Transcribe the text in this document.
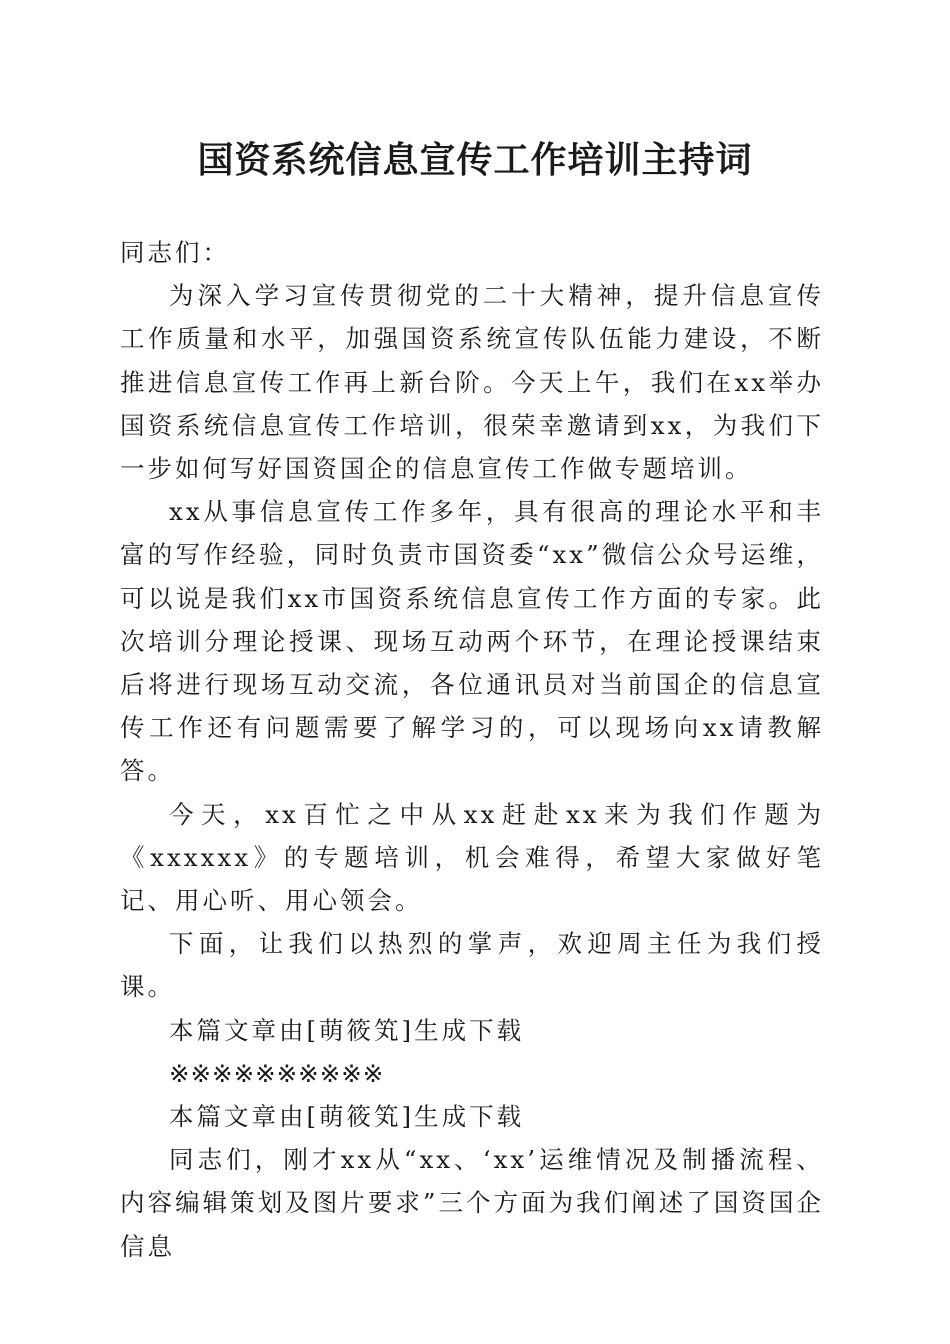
国资系统信息宣传工作培训主持词

同志们：

为深入学习宣传贯彻党的二十大精神，提升信息宣传工作质量和水平，加强国资系统宣传队伍能力建设，不断推进信息宣传工作再上新台阶。今天上午，我们在xx举办国资系统信息宣传工作培训，很荣幸邀请到xx，为我们下一步如何写好国资国企的信息宣传工作做专题培训。

xx从事信息宣传工作多年，具有很高的理论水平和丰富的写作经验，同时负责市国资委“xx”微信公众号运维，可以说是我们xx市国资系统信息宣传工作方面的专家。此次培训分理论授课、现场互动两个环节，在理论授课结束后将进行现场互动交流，各位通讯员对当前国企的信息宣传工作还有问题需要了解学习的，可以现场向xx请教解答。

今天，xx百忙之中从xx赶赴xx来为我们作题为《xxxxxx》的专题培训，机会难得，希望大家做好笔记、用心听、用心领会。

下面，让我们以热烈的掌声，欢迎周主任为我们授课。

本篇文章由[萌筱笂]生成下载

※※※※※※※※※※

本篇文章由[萌筱笂]生成下载

同志们，刚才xx从“xx、‘xx’运维情况及制播流程、内容编辑策划及图片要求”三个方面为我们阐述了国资国企信息
